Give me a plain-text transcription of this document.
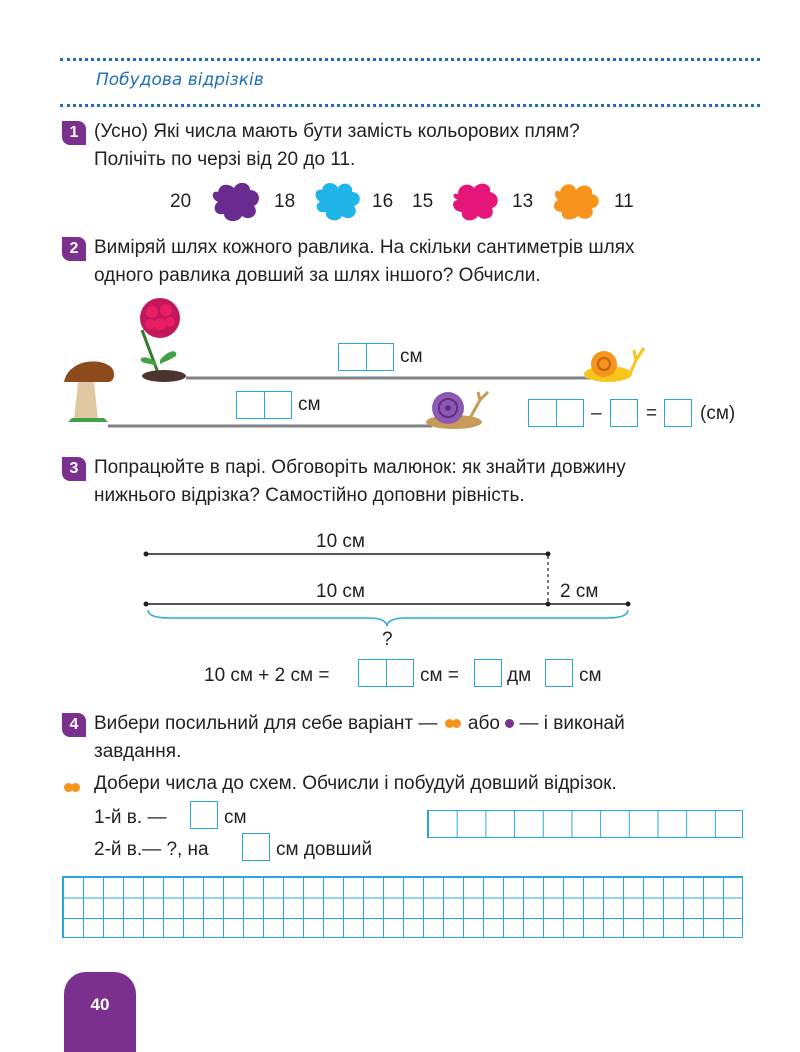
Побудова відрізків
1 (Усно) Які числа мають бути замість кольорових плям?
Полічіть по черзі від 20 до 11.
20	18	16 15	13	11
2 Виміряй шлях кожного равлика. На скільки сантиметрів шлях
одного равлика довший за шлях іншого? Обчисли.
см
см	– = (см)
3 Попрацюйте в парі. Обговоріть малюнок: як знайти довжину
нижнього відрізка? Самостійно доповни рівність.
10 см
10 см	2 см
?
10 см + 2 см =	см =	дм	см
4 Вибери посильний для себе варіант — або — і виконай
завдання.
Добери числа до схем. Обчисли і побудуй довший відрізок.
1-й в. —	см
2-й в.— ?, на	см довший
40
